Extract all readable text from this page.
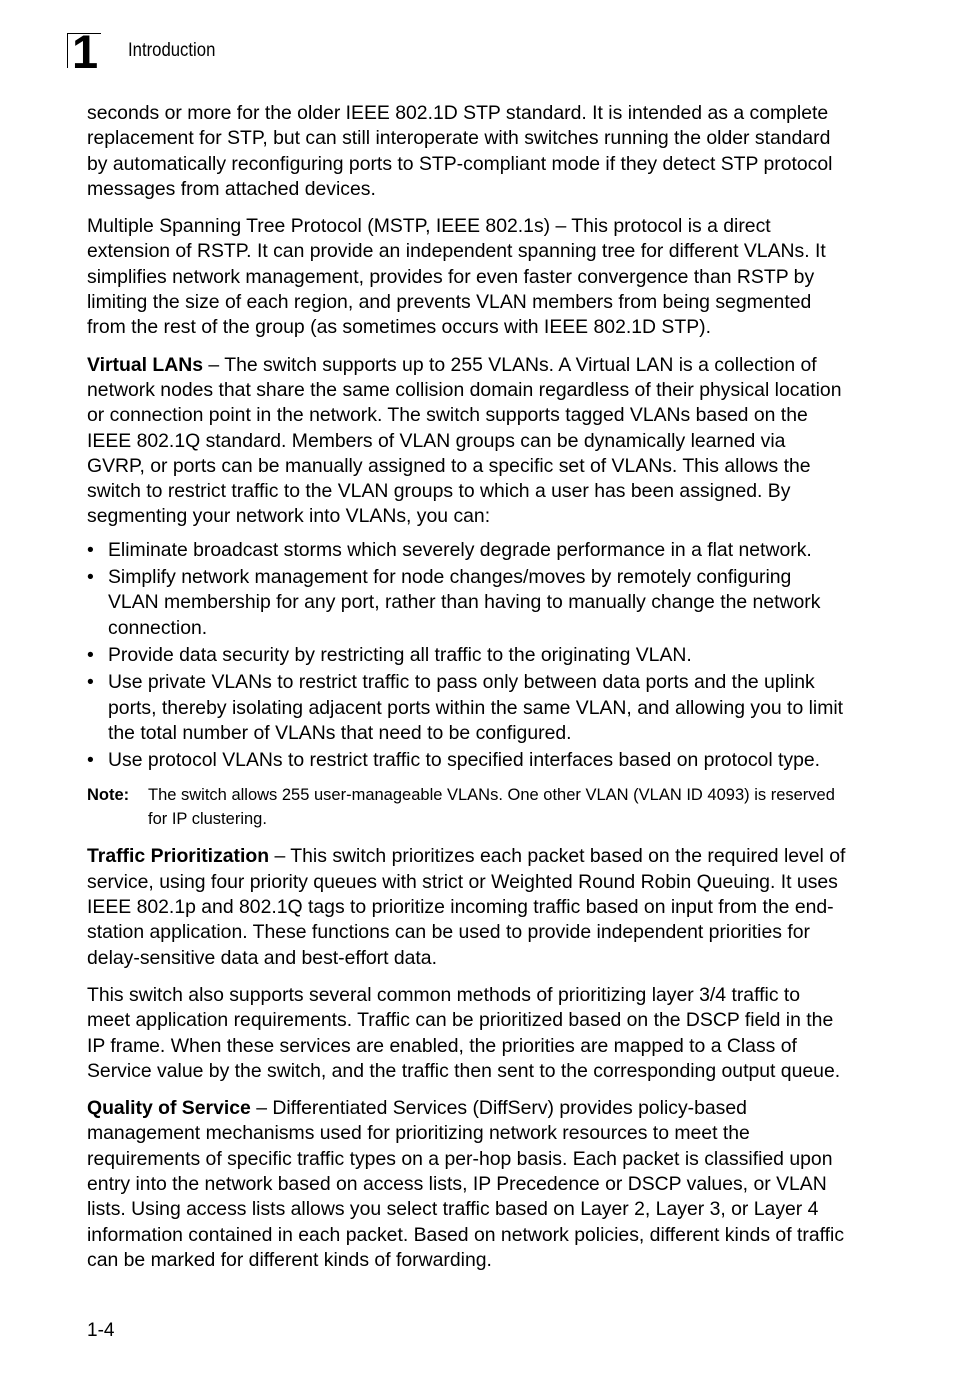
1 Introduction

seconds or more for the older IEEE 802.1D STP standard. It is intended as a complete replacement for STP, but can still interoperate with switches running the older standard by automatically reconfiguring ports to STP-compliant mode if they detect STP protocol messages from attached devices.

Multiple Spanning Tree Protocol (MSTP, IEEE 802.1s) – This protocol is a direct extension of RSTP. It can provide an independent spanning tree for different VLANs. It simplifies network management, provides for even faster convergence than RSTP by limiting the size of each region, and prevents VLAN members from being segmented from the rest of the group (as sometimes occurs with IEEE 802.1D STP).

Virtual LANs – The switch supports up to 255 VLANs. A Virtual LAN is a collection of network nodes that share the same collision domain regardless of their physical location or connection point in the network. The switch supports tagged VLANs based on the IEEE 802.1Q standard. Members of VLAN groups can be dynamically learned via GVRP, or ports can be manually assigned to a specific set of VLANs. This allows the switch to restrict traffic to the VLAN groups to which a user has been assigned. By segmenting your network into VLANs, you can:

• Eliminate broadcast storms which severely degrade performance in a flat network.
• Simplify network management for node changes/moves by remotely configuring VLAN membership for any port, rather than having to manually change the network connection.
• Provide data security by restricting all traffic to the originating VLAN.
• Use private VLANs to restrict traffic to pass only between data ports and the uplink ports, thereby isolating adjacent ports within the same VLAN, and allowing you to limit the total number of VLANs that need to be configured.
• Use protocol VLANs to restrict traffic to specified interfaces based on protocol type.
Note:	The switch allows 255 user-manageable VLANs. One other VLAN (VLAN ID 4093) is reserved for IP clustering.

Traffic Prioritization – This switch prioritizes each packet based on the required level of service, using four priority queues with strict or Weighted Round Robin Queuing. It uses IEEE 802.1p and 802.1Q tags to prioritize incoming traffic based on input from the end-station application. These functions can be used to provide independent priorities for delay-sensitive data and best-effort data.

This switch also supports several common methods of prioritizing layer 3/4 traffic to meet application requirements. Traffic can be prioritized based on the DSCP field in the IP frame. When these services are enabled, the priorities are mapped to a Class of Service value by the switch, and the traffic then sent to the corresponding output queue.

Quality of Service – Differentiated Services (DiffServ) provides policy-based management mechanisms used for prioritizing network resources to meet the requirements of specific traffic types on a per-hop basis. Each packet is classified upon entry into the network based on access lists, IP Precedence or DSCP values, or VLAN lists. Using access lists allows you select traffic based on Layer 2, Layer 3, or Layer 4 information contained in each packet. Based on network policies, different kinds of traffic can be marked for different kinds of forwarding.

1-4
